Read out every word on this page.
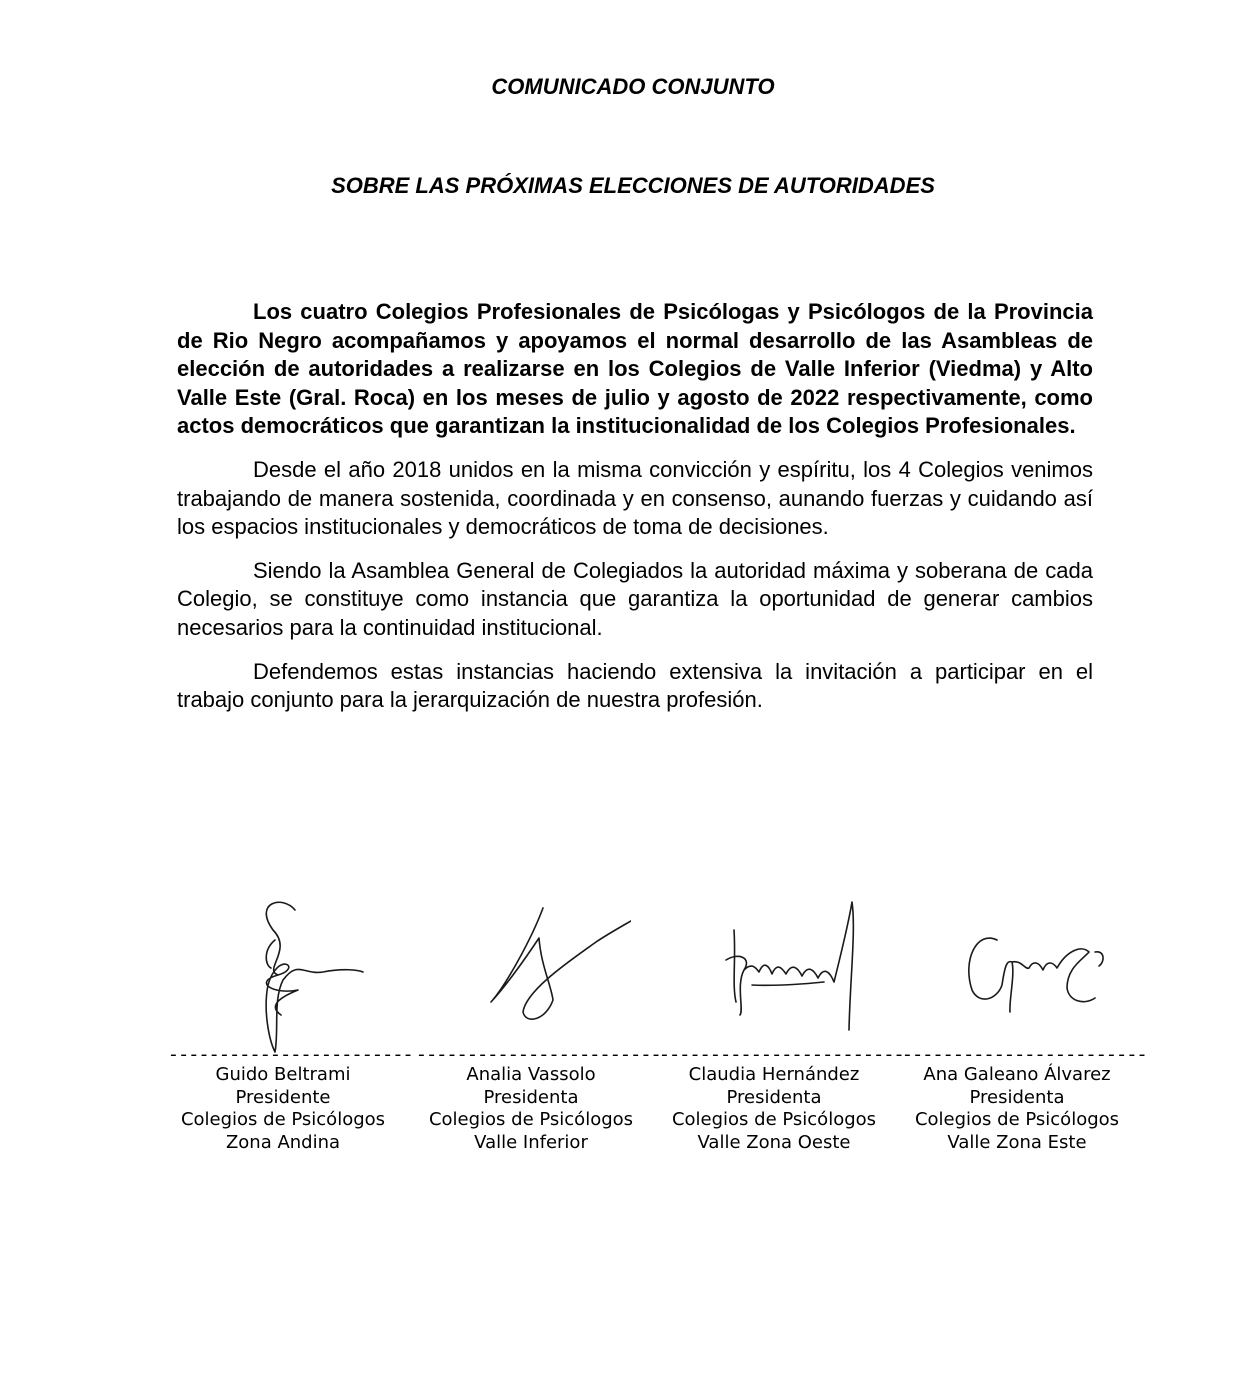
COMUNICADO CONJUNTO
SOBRE LAS PRÓXIMAS ELECCIONES DE AUTORIDADES

Los cuatro Colegios Profesionales de Psicólogas y Psicólogos de la Provincia de Rio Negro acompañamos y apoyamos el normal desarrollo de las Asambleas de elección de autoridades a realizarse en los Colegios de Valle Inferior (Viedma) y Alto Valle Este (Gral. Roca) en los meses de julio y agosto de 2022 respectivamente, como actos democráticos que garantizan la institucionalidad de los Colegios Profesionales.

Desde el año 2018 unidos en la misma convicción y espíritu, los 4 Colegios venimos trabajando de manera sostenida, coordinada y en consenso, aunando fuerzas y cuidando así los espacios institucionales y democráticos de toma de decisiones.

Siendo la Asamblea General de Colegiados la autoridad máxima y soberana de cada Colegio, se constituye como instancia que garantiza la oportunidad de generar cambios necesarios para la continuidad institucional.

Defendemos estas instancias haciendo extensiva la invitación a participar en el trabajo conjunto para la jerarquización de nuestra profesión.

------------------------
Guido Beltrami
Presidente
Colegios de Psicólogos
Zona Andina
------------------------
Analia Vassolo
Presidenta
Colegios de Psicólogos
Valle Inferior
------------------------
Claudia Hernández
Presidenta
Colegios de Psicólogos
Valle Zona Oeste
------------------------
Ana Galeano Álvarez
Presidenta
Colegios de Psicólogos
Valle Zona Este
